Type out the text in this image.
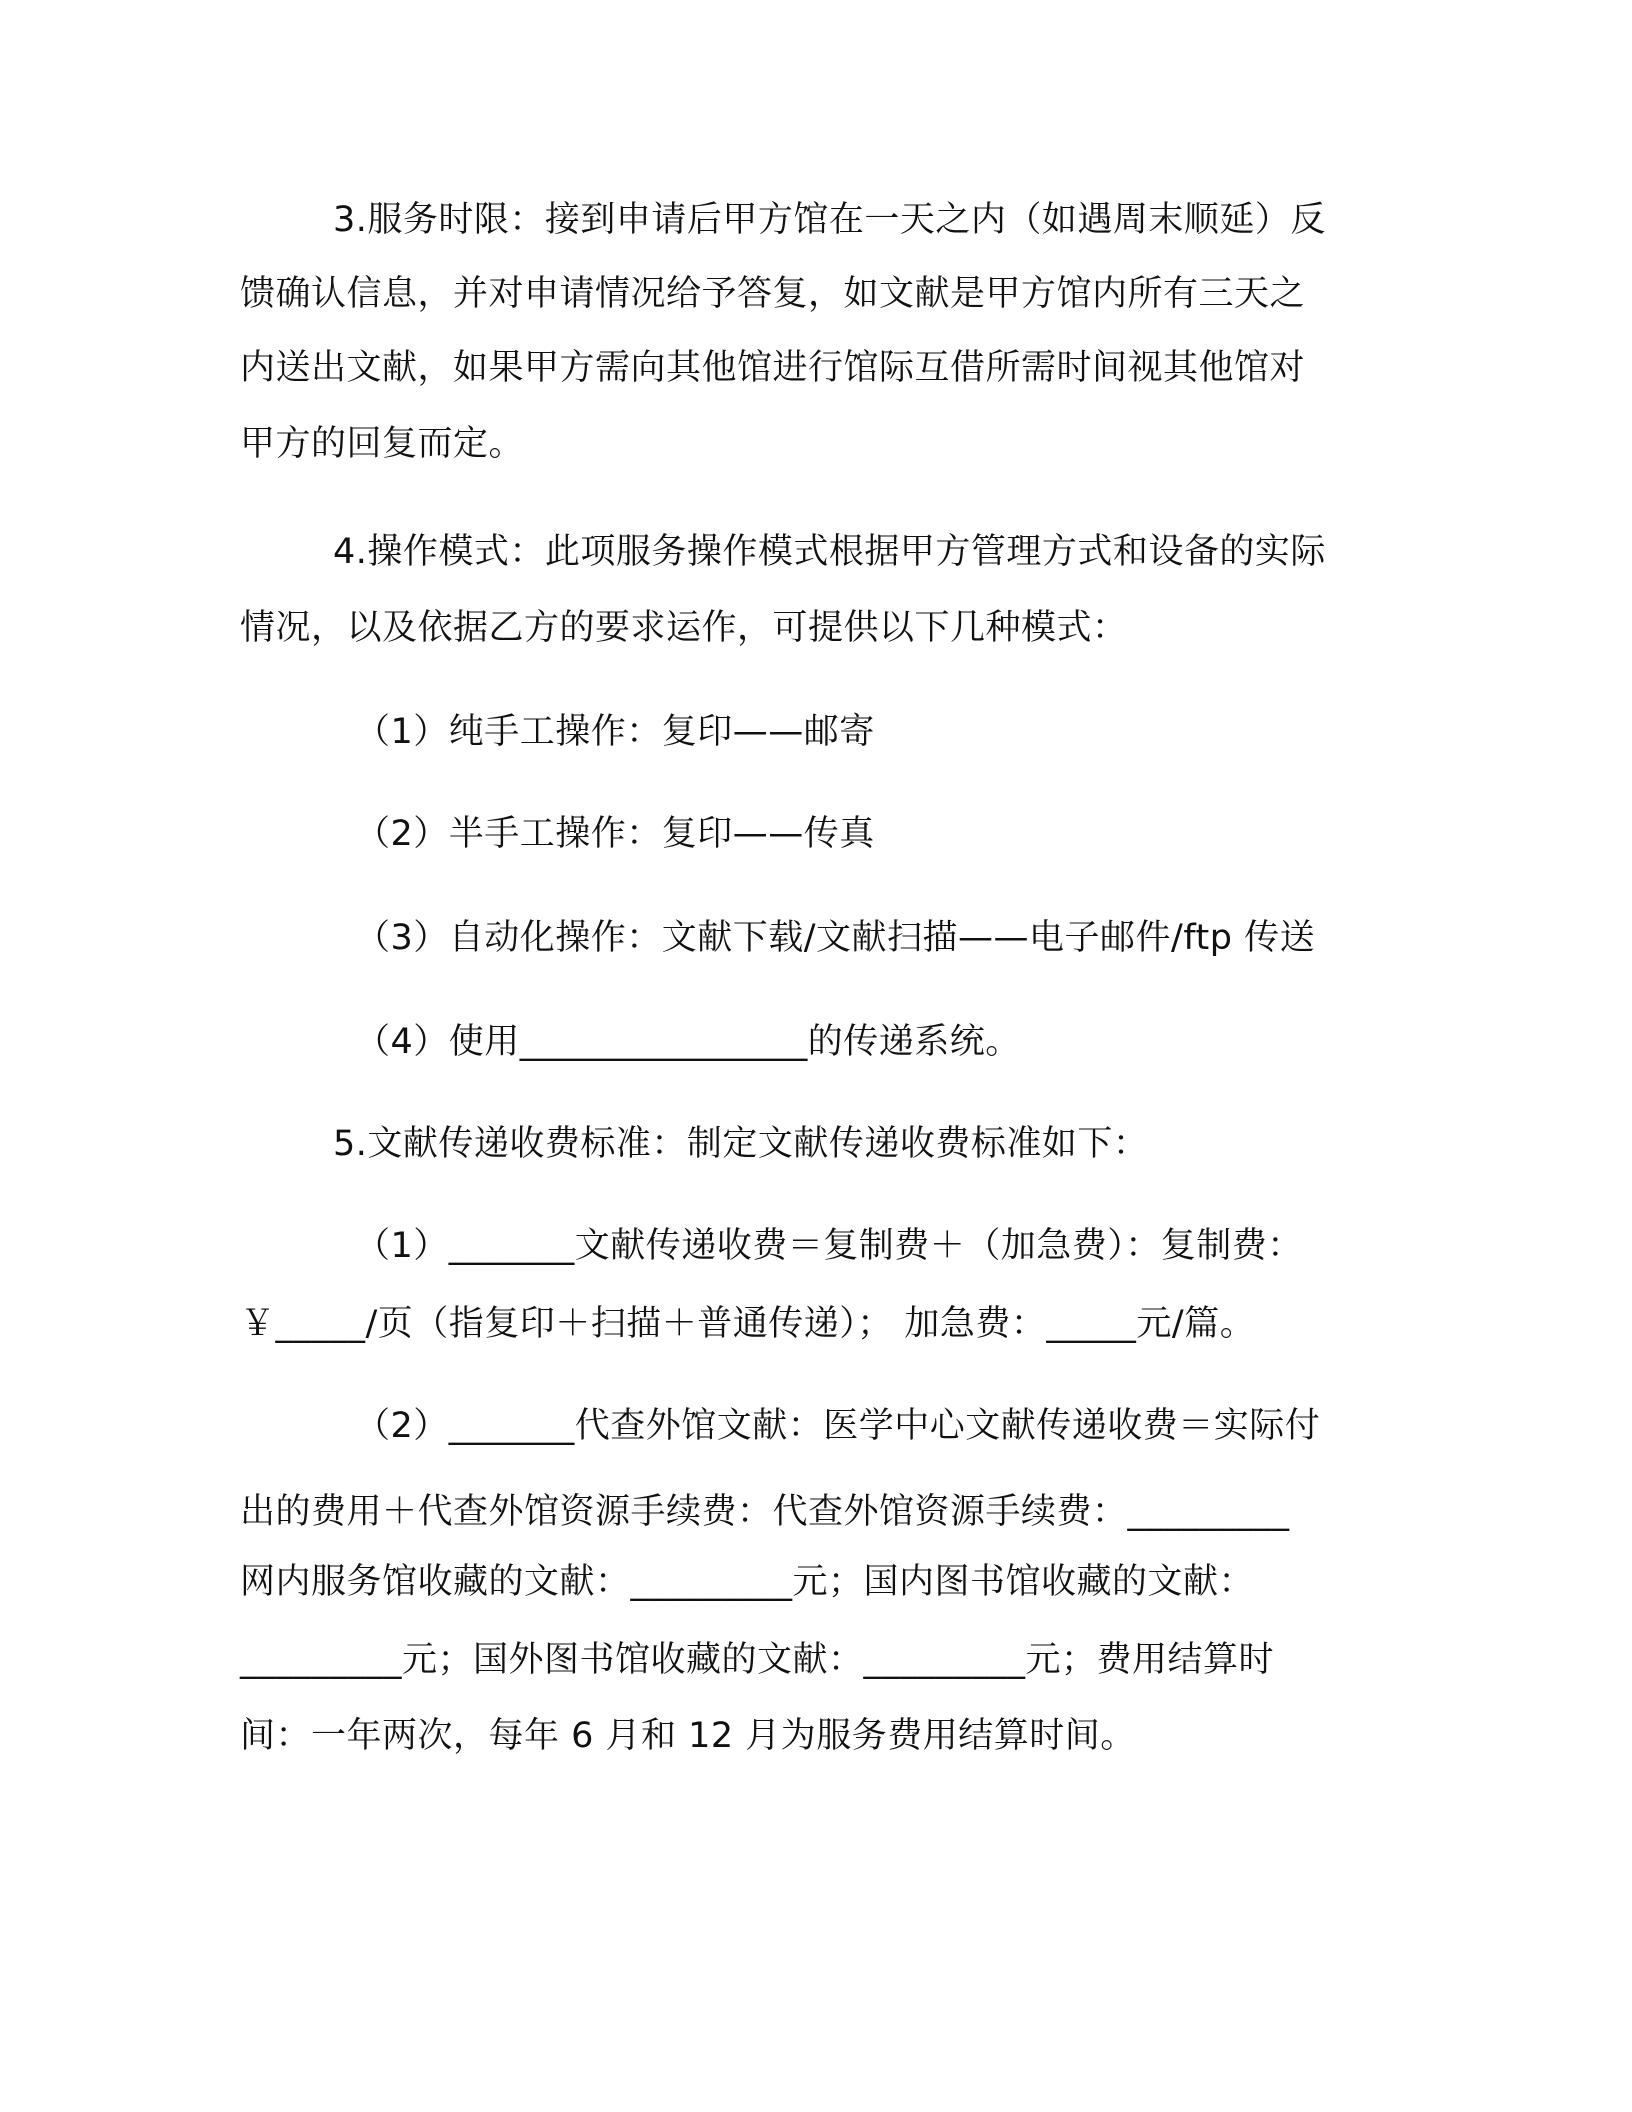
3.服务时限：接到申请后甲方馆在一天之内（如遇周末顺延）反

馈确认信息，并对申请情况给予答复，如文献是甲方馆内所有三天之

内送出文献，如果甲方需向其他馆进行馆际互借所需时间视其他馆对

甲方的回复而定。

4.操作模式：此项服务操作模式根据甲方管理方式和设备的实际

情况，以及依据乙方的要求运作，可提供以下几种模式：

（1）纯手工操作：复印——邮寄

（2）半手工操作：复印——传真

（3）自动化操作：文献下载/文献扫描——电子邮件/ftp 传送

（4）使用________________的传递系统。

5.文献传递收费标准：制定文献传递收费标准如下：

（1）_______文献传递收费＝复制费＋（加急费）：复制费：

￥_____/页（指复印＋扫描＋普通传递）； 加急费：_____元/篇。

（2）_______代查外馆文献：医学中心文献传递收费＝实际付

出的费用＋代查外馆资源手续费：代查外馆资源手续费：_________

网内服务馆收藏的文献：_________元；国内图书馆收藏的文献：

_________元；国外图书馆收藏的文献：_________元；费用结算时

间：一年两次，每年 6 月和 12 月为服务费用结算时间。
